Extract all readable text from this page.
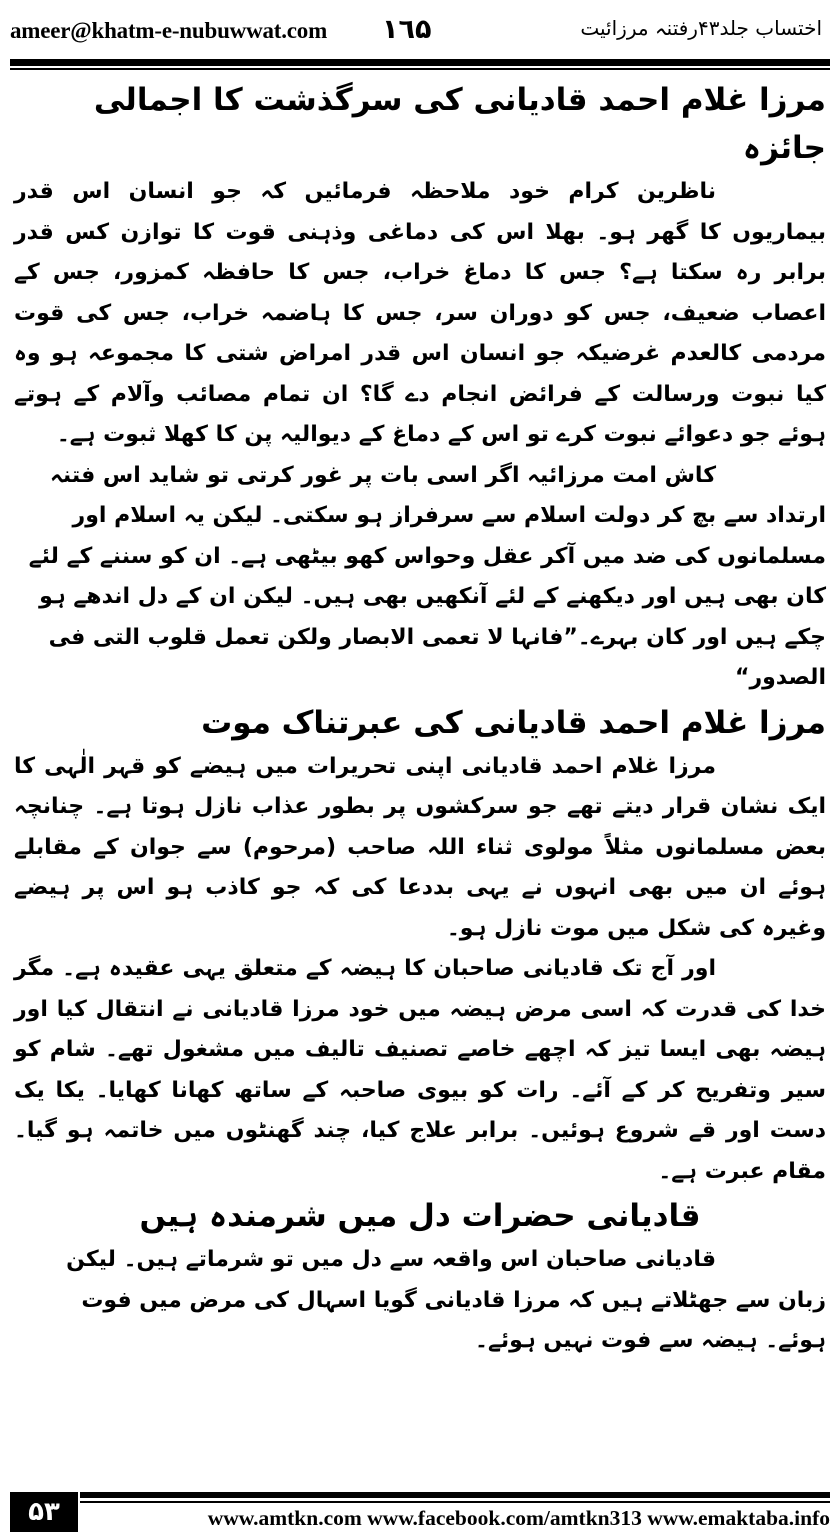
ameer@khatm-e-nubuwwat.com ۱٦۵	اختساب جلد۴۳رفتنہ مرزائیت
مرزا غلام احمد قادیانی کی سرگذشت کا اجمالی جائزہ

ناظرین کرام خود ملاحظہ فرمائیں کہ جو انسان اس قدر بیماریوں کا گھر ہو۔ بھلا اس کی دماغی وذہنی قوت کا توازن کس قدر برابر رہ سکتا ہے؟ جس کا دماغ خراب، جس کا حافظہ کمزور، جس کے اعصاب ضعیف، جس کو دوران سر، جس کا ہاضمہ خراب، جس کی قوت مردمی کالعدم غرضیکہ جو انسان اس قدر امراض شتی کا مجموعہ ہو وہ کیا نبوت ورسالت کے فرائض انجام دے گا؟ ان تمام مصائب وآلام کے ہوتے ہوئے جو دعوائے نبوت کرے تو اس کے دماغ کے دیوالیہ پن کا کھلا ثبوت ہے۔

کاش امت مرزائیہ اگر اسی بات پر غور کرتی تو شاید اس فتنہ ارتداد سے بچ کر دولت اسلام سے سرفراز ہو سکتی۔ لیکن یہ اسلام اور مسلمانوں کی ضد میں آکر عقل وحواس کھو بیٹھی ہے۔ ان کو سننے کے لئے کان بھی ہیں اور دیکھنے کے لئے آنکھیں بھی ہیں۔ لیکن ان کے دل اندھے ہو چکے ہیں اور کان بہرے۔”فانہا لا تعمی الابصار ولکن تعمل قلوب التی فی الصدور“

مرزا غلام احمد قادیانی کی عبرتناک موت

مرزا غلام احمد قادیانی اپنی تحریرات میں ہیضے کو قہر الٰہی کا ایک نشان قرار دیتے تھے جو سرکشوں پر بطور عذاب نازل ہوتا ہے۔ چنانچہ بعض مسلمانوں مثلاً مولوی ثناء اللہ صاحب (مرحوم) سے جوان کے مقابلے ہوئے ان میں بھی انہوں نے یہی بددعا کی کہ جو کاذب ہو اس پر ہیضے وغیرہ کی شکل میں موت نازل ہو۔

اور آج تک قادیانی صاحبان کا ہیضہ کے متعلق یہی عقیدہ ہے۔ مگر خدا کی قدرت کہ اسی مرض ہیضہ میں خود مرزا قادیانی نے انتقال کیا اور ہیضہ بھی ایسا تیز کہ اچھے خاصے تصنیف تالیف میں مشغول تھے۔ شام کو سیر وتفریح کر کے آئے۔ رات کو بیوی صاحبہ کے ساتھ کھانا کھایا۔ یکا یک دست اور قے شروع ہوئیں۔ برابر علاج کیا، چند گھنٹوں میں خاتمہ ہو گیا۔ مقام عبرت ہے۔

قادیانی حضرات دل میں شرمندہ ہیں

قادیانی صاحبان اس واقعہ سے دل میں تو شرماتے ہیں۔ لیکن زبان سے جھٹلاتے ہیں کہ مرزا قادیانی گویا اسہال کی مرض میں فوت ہوئے۔ ہیضہ سے فوت نہیں ہوئے۔

۵۳	www.amtkn.com www.facebook.com/amtkn313 www.emaktaba.info
